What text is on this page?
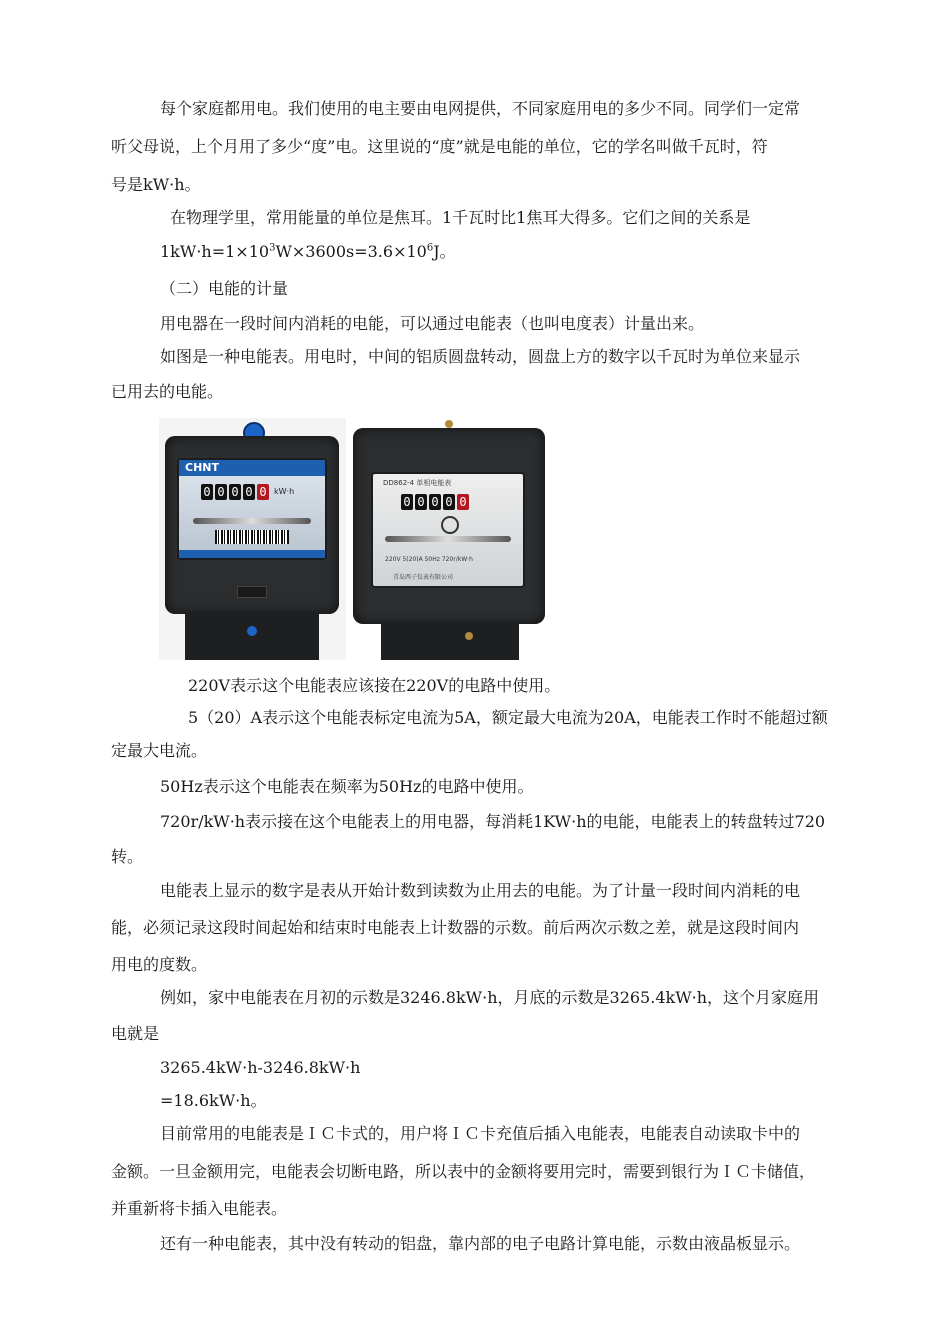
每个家庭都用电。我们使用的电主要由电网提供，不同家庭用电的多少不同。同学们一定常
听父母说，上个月用了多少“度”电。这里说的“度”就是电能的单位，它的学名叫做千瓦时，符
号是kW·h。
在物理学里，常用能量的单位是焦耳。1千瓦时比1焦耳大得多。它们之间的关系是
$1kW\cdot h=1\times 10^3W\times 3600s=3.6\times 10^6J$。
（二）电能的计量
用电器在一段时间内消耗的电能，可以通过电能表（也叫电度表）计量出来。
如图是一种电能表。用电时，中间的铝质圆盘转动，圆盘上方的数字以千瓦时为单位来显示
已用去的电能。
CHNT
0 0 0 0 0 kW·h
DD862-4 单相电能表
0 0 0 0 0
220V 5(20)A 50Hz 720r/kW·h
青岛西子仪表有限公司
220V表示这个电能表应该接在220V的电路中使用。
5（20）A表示这个电能表标定电流为5A，额定最大电流为20A，电能表工作时不能超过额
定最大电流。
50Hz表示这个电能表在频率为50Hz的电路中使用。
720r/kW·h表示接在这个电能表上的用电器，每消耗1KW·h的电能，电能表上的转盘转过720
转。
电能表上显示的数字是表从开始计数到读数为止用去的电能。为了计量一段时间内消耗的电
能，必须记录这段时间起始和结束时电能表上计数器的示数。前后两次示数之差，就是这段时间内
用电的度数。
例如，家中电能表在月初的示数是3246.8kW·h，月底的示数是3265.4kW·h，这个月家庭用
电就是
3265.4kW·h-3246.8kW·h
=18.6kW·h。
目前常用的电能表是ＩＣ卡式的，用户将ＩＣ卡充值后插入电能表，电能表自动读取卡中的
金额。一旦金额用完，电能表会切断电路，所以表中的金额将要用完时，需要到银行为ＩＣ卡储值，
并重新将卡插入电能表。
还有一种电能表，其中没有转动的铝盘，靠内部的电子电路计算电能，示数由液晶板显示。
